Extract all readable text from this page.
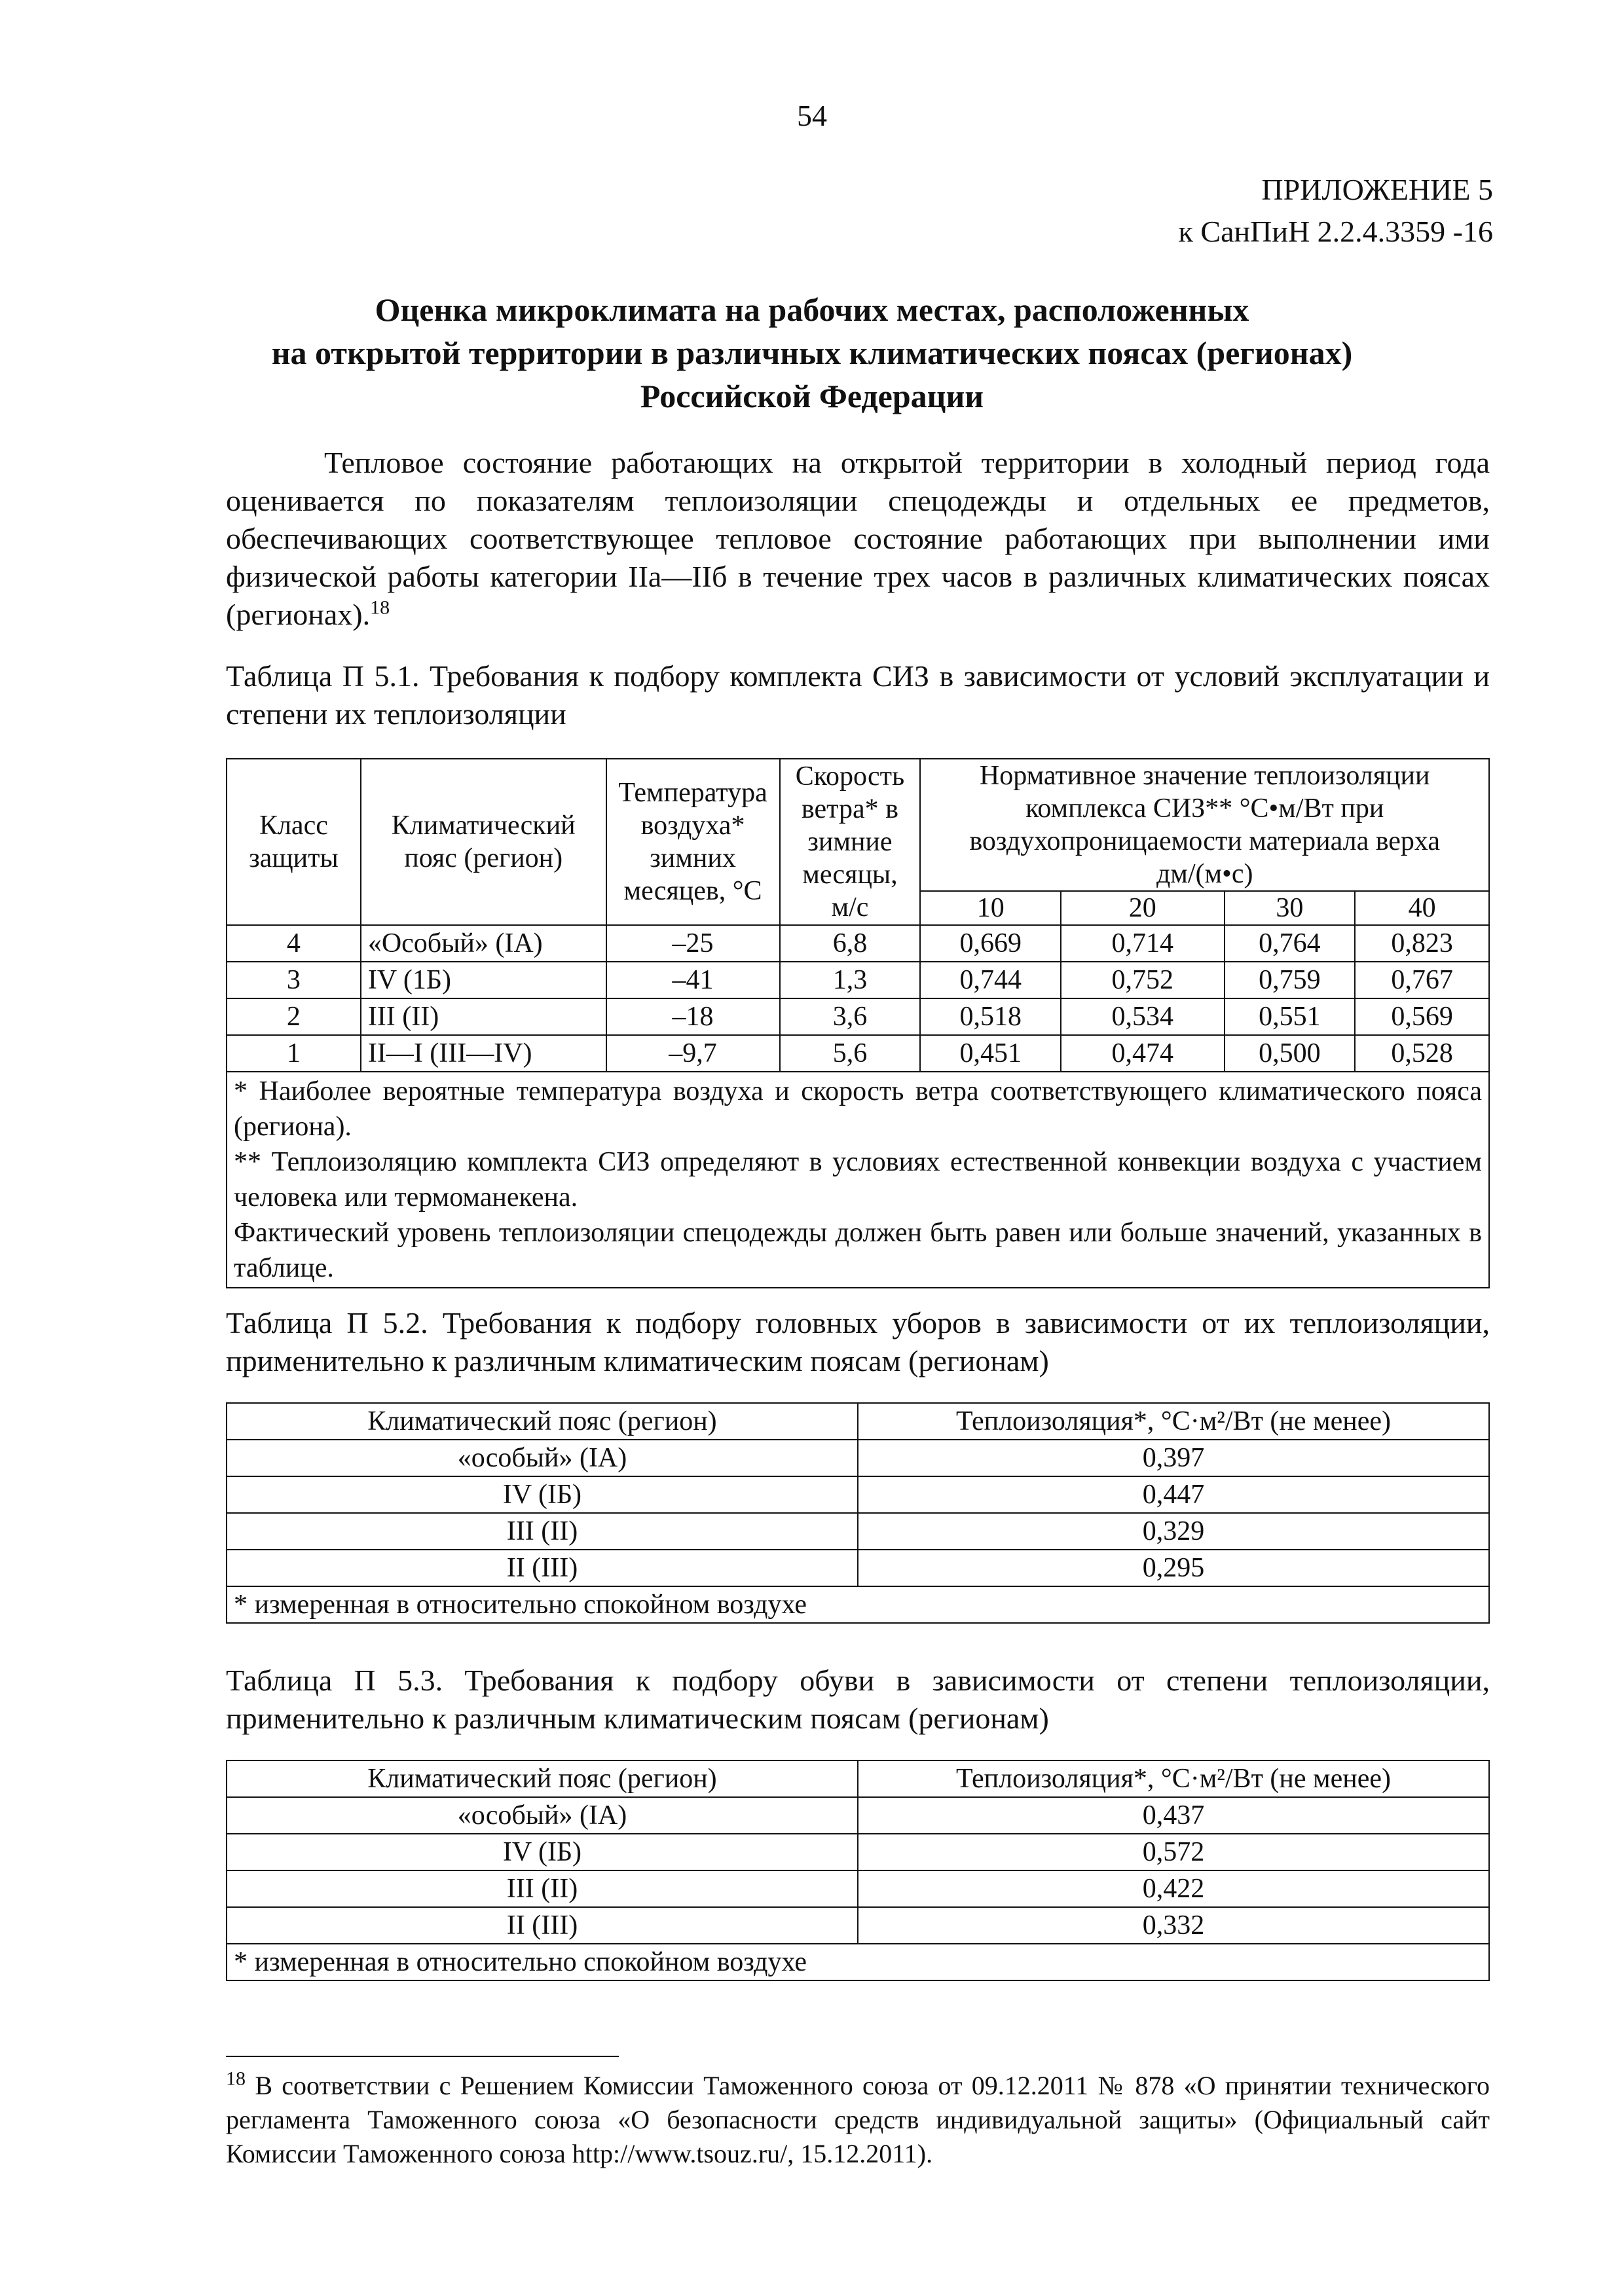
54
ПРИЛОЖЕНИЕ 5
к СанПиН 2.2.4.3359 -16
Оценка микроклимата на рабочих местах, расположенных
на открытой территории в различных климатических поясах (регионах)
Российской Федерации
Тепловое состояние работающих на открытой территории в холодный период года оценивается по показателям теплоизоляции спецодежды и отдельных ее предметов, обеспечивающих соответствующее тепловое состояние работающих при выполнении ими физической работы категории IIа—IIб в течение трех часов в различных климатических поясах (регионах).$^{18}$
Таблица П 5.1. Требования к подбору комплекта СИЗ в зависимости от условий эксплуатации и степени их теплоизоляции
Класс защиты	Климатический пояс (регион)	Температура воздуха* зимних месяцев, °С	Скорость ветра* в зимние месяцы, м/с	Нормативное значение теплоизоляции комплекса СИЗ** °С•м/Вт при воздухопроницаемости материала верха дм/(м•с)			
				10	20	30	40
4	«Особый» (IA)	–25	6,8	0,669	0,714	0,764	0,823
3	IV (1Б)	–41	1,3	0,744	0,752	0,759	0,767
2	III (II)	–18	3,6	0,518	0,534	0,551	0,569
1	II—I (III—IV)	–9,7	5,6	0,451	0,474	0,500	0,528

* Наиболее вероятные температура воздуха и скорость ветра соответствующего климатического пояса (региона).
** Теплоизоляцию комплекта СИЗ определяют в условиях естественной конвекции воздуха с участием человека или термоманекена.
Фактический уровень теплоизоляции спецодежды должен быть равен или больше значений, указанных в таблице.							
Таблица П 5.2. Требования к подбору головных уборов в зависимости от их теплоизоляции, применительно к различным климатическим поясам (регионам)
Климатический пояс (регион)	Теплоизоляция*, °С·м²/Вт (не менее)
«особый» (IA)	0,397
IV (IБ)	0,447
III (II)	0,329
II (III)	0,295
* измеренная в относительно спокойном воздухе	
Таблица П 5.3. Требования к подбору обуви в зависимости от степени теплоизоляции, применительно к различным климатическим поясам (регионам)
Климатический пояс (регион)	Теплоизоляция*, °С·м²/Вт (не менее)
«особый» (IA)	0,437
IV (IБ)	0,572
III (II)	0,422
II (III)	0,332
* измеренная в относительно спокойном воздухе	
$^{18}$ В соответствии с Решением Комиссии Таможенного союза от 09.12.2011 № 878 «О принятии технического регламента Таможенного союза «О безопасности средств индивидуальной защиты» (Официальный сайт Комиссии Таможенного союза http://www.tsouz.ru/, 15.12.2011).
